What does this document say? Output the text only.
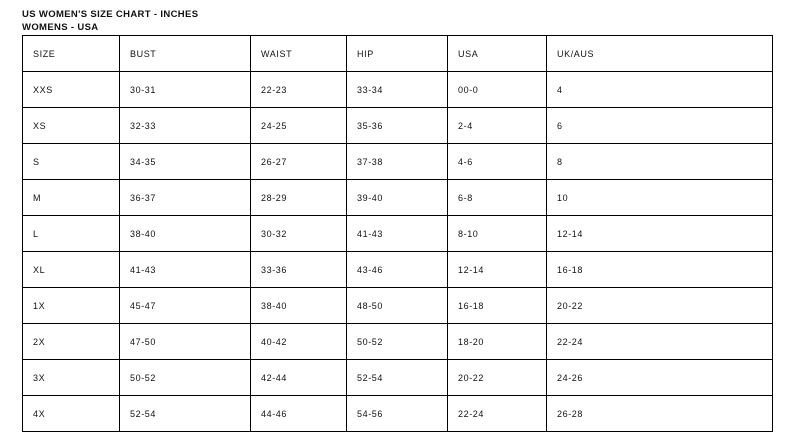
US WOMEN'S SIZE CHART - INCHES
WOMENS - USA
SIZE	BUST	WAIST	HIP	USA	UK/AUS
XXS	30-31	22-23	33-34	00-0	4
XS	32-33	24-25	35-36	2-4	6
S	34-35	26-27	37-38	4-6	8
M	36-37	28-29	39-40	6-8	10
L	38-40	30-32	41-43	8-10	12-14
XL	41-43	33-36	43-46	12-14	16-18
1X	45-47	38-40	48-50	16-18	20-22
2X	47-50	40-42	50-52	18-20	22-24
3X	50-52	42-44	52-54	20-22	24-26
4X	52-54	44-46	54-56	22-24	26-28
